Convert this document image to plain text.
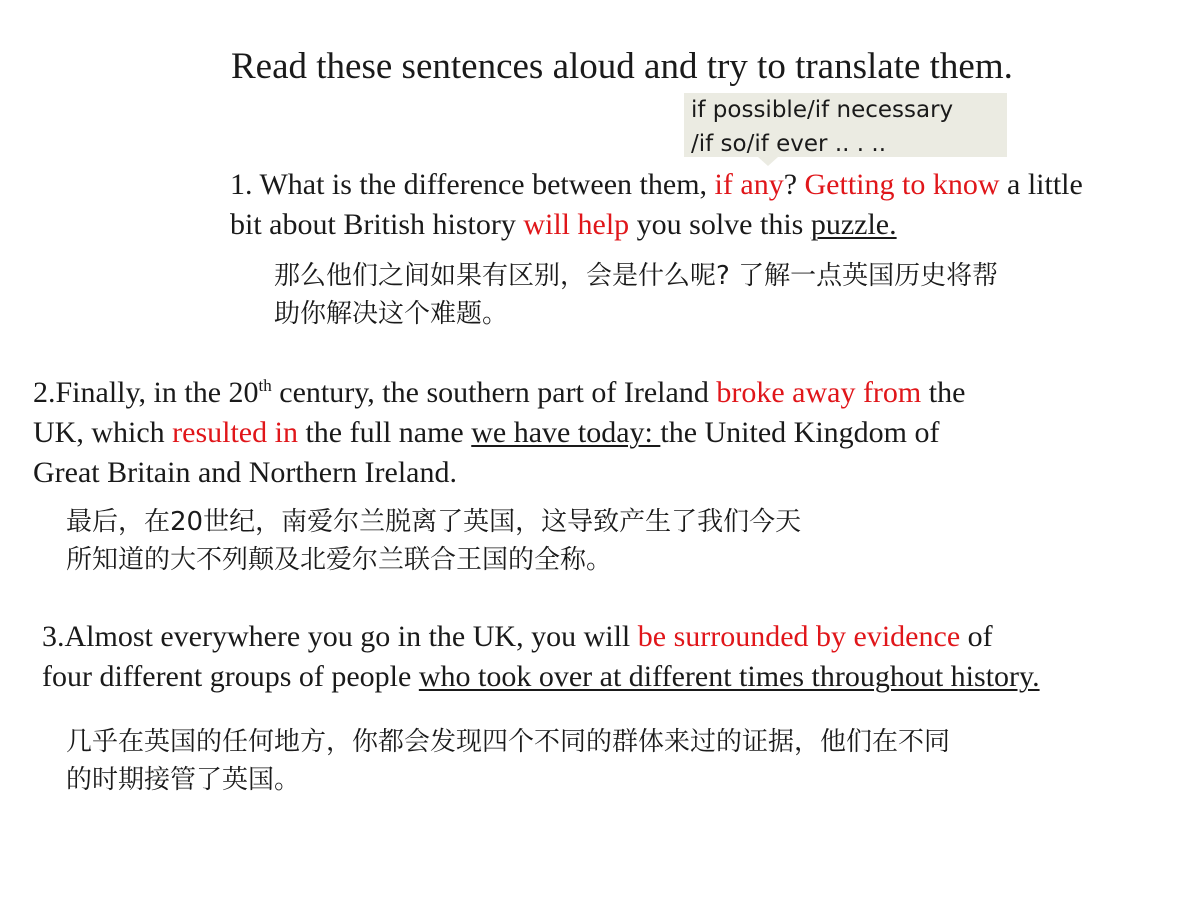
Read these sentences aloud and try to translate them.
if possible/if necessary
/if so/if ever .. . ..
1. What is the difference between them, if any? Getting to know a little
bit about British history will help you solve this puzzle.
那么他们之间如果有区别，会是什么呢? 了解一点英国历史将帮
助你解决这个难题。
2.Finally, in the 20th century, the southern part of Ireland broke away from the
UK, which resulted in the full name we have today: the United Kingdom of
Great Britain and Northern Ireland.
最后，在20世纪，南爱尔兰脱离了英国，这导致产生了我们今天
所知道的大不列颠及北爱尔兰联合王国的全称。
3.Almost everywhere you go in the UK, you will be surrounded by evidence of
four different groups of people who took over at different times throughout history.
几乎在英国的任何地方，你都会发现四个不同的群体来过的证据，他们在不同
的时期接管了英国。
